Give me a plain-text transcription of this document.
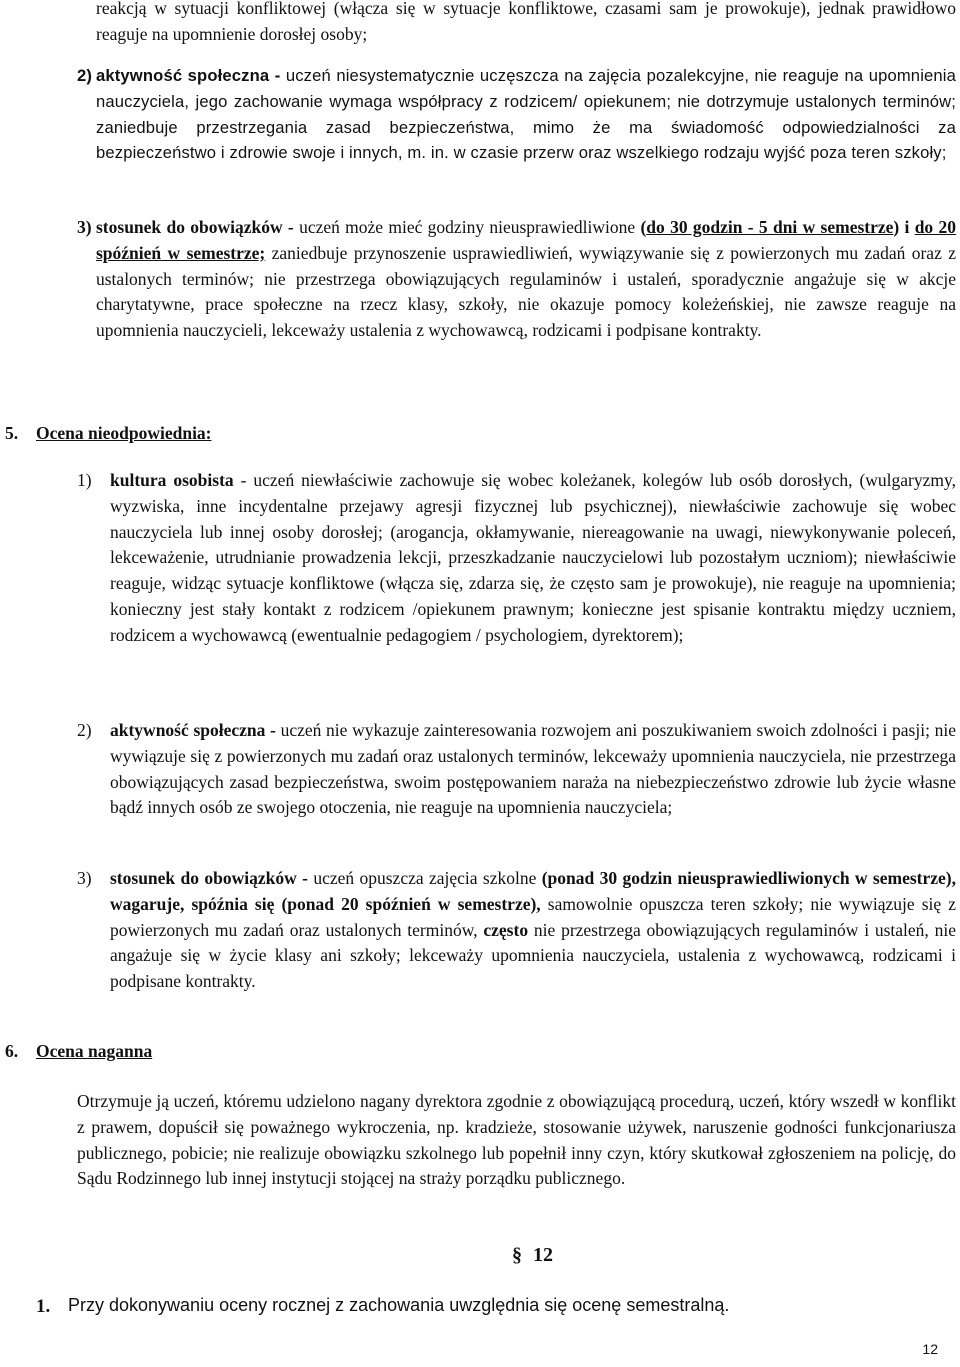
reakcją w sytuacji konfliktowej (włącza się w sytuacje konfliktowe, czasami sam je prowokuje), jednak prawidłowo reaguje na upomnienie dorosłej osoby;

2) aktywność społeczna - uczeń niesystematycznie uczęszcza na zajęcia pozalekcyjne, nie reaguje na upomnienia nauczyciela, jego zachowanie wymaga współpracy z rodzicem/ opiekunem; nie dotrzymuje ustalonych terminów; zaniedbuje przestrzegania zasad bezpieczeństwa, mimo że ma świadomość odpowiedzialności za bezpieczeństwo i zdrowie swoje i innych, m. in. w czasie przerw oraz wszelkiego rodzaju wyjść poza teren szkoły;

3) stosunek do obowiązków - uczeń może mieć godziny nieusprawiedliwione (do 30 godzin - 5 dni w semestrze) i do 20 spóźnień w semestrze; zaniedbuje przynoszenie usprawiedliwień, wywiązywanie się z powierzonych mu zadań oraz z ustalonych terminów; nie przestrzega obowiązujących regulaminów i ustaleń, sporadycznie angażuje się w akcje charytatywne, prace społeczne na rzecz klasy, szkoły, nie okazuje pomocy koleżeńskiej, nie zawsze reaguje na upomnienia nauczycieli, lekceważy ustalenia z wychowawcą, rodzicami i podpisane kontrakty.

5. Ocena nieodpowiednia:
1) kultura osobista - uczeń niewłaściwie zachowuje się wobec koleżanek, kolegów lub osób dorosłych, (wulgaryzmy, wyzwiska, inne incydentalne przejawy agresji fizycznej lub psychicznej), niewłaściwie zachowuje się wobec nauczyciela lub innej osoby dorosłej; (arogancja, okłamywanie, niereagowanie na uwagi, niewykonywanie poleceń, lekceważenie, utrudnianie prowadzenia lekcji, przeszkadzanie nauczycielowi lub pozostałym uczniom); niewłaściwie reaguje, widząc sytuacje konfliktowe (włącza się, zdarza się, że często sam je prowokuje), nie reaguje na upomnienia; konieczny jest stały kontakt z rodzicem /opiekunem prawnym; konieczne jest spisanie kontraktu między uczniem, rodzicem a wychowawcą (ewentualnie pedagogiem / psychologiem, dyrektorem);

2) aktywność społeczna - uczeń nie wykazuje zainteresowania rozwojem ani poszukiwaniem swoich zdolności i pasji; nie wywiązuje się z powierzonych mu zadań oraz ustalonych terminów, lekceważy upomnienia nauczyciela, nie przestrzega obowiązujących zasad bezpieczeństwa, swoim postępowaniem naraża na niebezpieczeństwo zdrowie lub życie własne bądź innych osób ze swojego otoczenia, nie reaguje na upomnienia nauczyciela;

3) stosunek do obowiązków - uczeń opuszcza zajęcia szkolne (ponad 30 godzin nieusprawiedliwionych w semestrze), wagaruje, spóźnia się (ponad 20 spóźnień w semestrze), samowolnie opuszcza teren szkoły; nie wywiązuje się z powierzonych mu zadań oraz ustalonych terminów, często nie przestrzega obowiązujących regulaminów i ustaleń, nie angażuje się w życie klasy ani szkoły; lekceważy upomnienia nauczyciela, ustalenia z wychowawcą, rodzicami i podpisane kontrakty.

6. Ocena naganna

Otrzymuje ją uczeń, któremu udzielono nagany dyrektora zgodnie z obowiązującą procedurą, uczeń, który wszedł w konflikt z prawem, dopuścił się poważnego wykroczenia, np. kradzieże, stosowanie używek, naruszenie godności funkcjonariusza publicznego, pobicie; nie realizuje obowiązku szkolnego lub popełnił inny czyn, który skutkował zgłoszeniem na policję, do Sądu Rodzinnego lub innej instytucji stojącej na straży porządku publicznego.

§ 12
1. Przy dokonywaniu oceny rocznej z zachowania uwzględnia się ocenę semestralną.

12
